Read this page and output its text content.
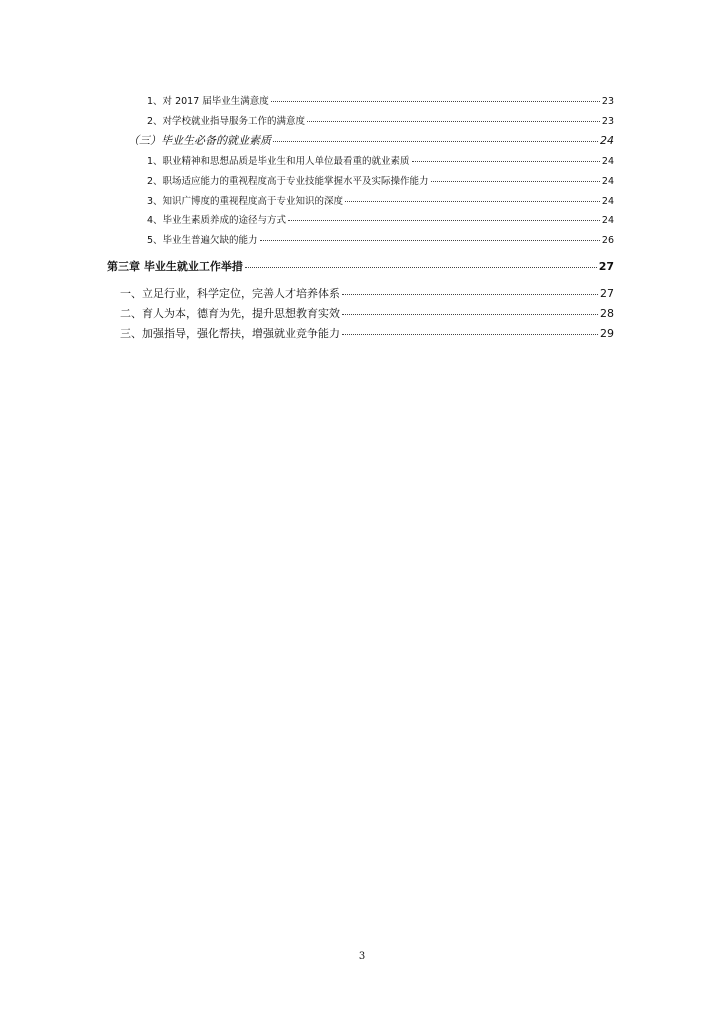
1、对 2017 届毕业生满意度	23
2、对学校就业指导服务工作的满意度	23
（三）毕业生必备的就业素质	24
1、职业精神和思想品质是毕业生和用人单位最看重的就业素质	24
2、职场适应能力的重视程度高于专业技能掌握水平及实际操作能力	24
3、知识广博度的重视程度高于专业知识的深度	24
4、毕业生素质养成的途径与方式	24
5、毕业生普遍欠缺的能力	26
第三章 毕业生就业工作举措	27
一、立足行业，科学定位，完善人才培养体系	27
二、育人为本，德育为先，提升思想教育实效	28
三、加强指导，强化帮扶，增强就业竞争能力	29
3
